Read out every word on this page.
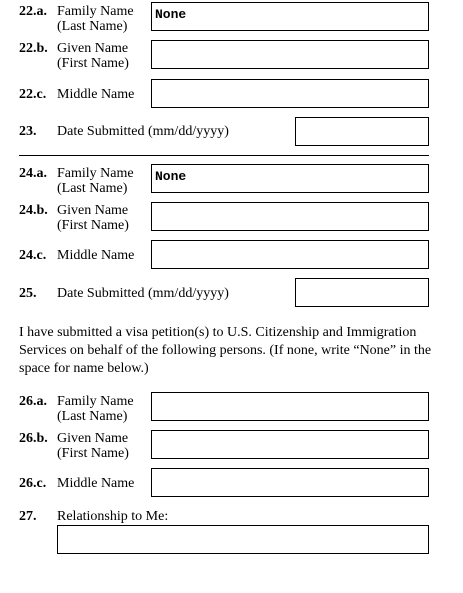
22.a. Family Name
(Last Name)
None
22.b. Given Name
(First Name)
22.c. Middle Name
23. Date Submitted (mm/dd/yyyy)
24.a. Family Name
(Last Name)
None
24.b. Given Name
(First Name)
24.c. Middle Name
25. Date Submitted (mm/dd/yyyy)
I have submitted a visa petition(s) to U.S. Citizenship and Immigration Services on behalf of the following persons. (If none, write “None” in the space for name below.)
26.a. Family Name
(Last Name)
26.b. Given Name
(First Name)
26.c. Middle Name
27. Relationship to Me:
